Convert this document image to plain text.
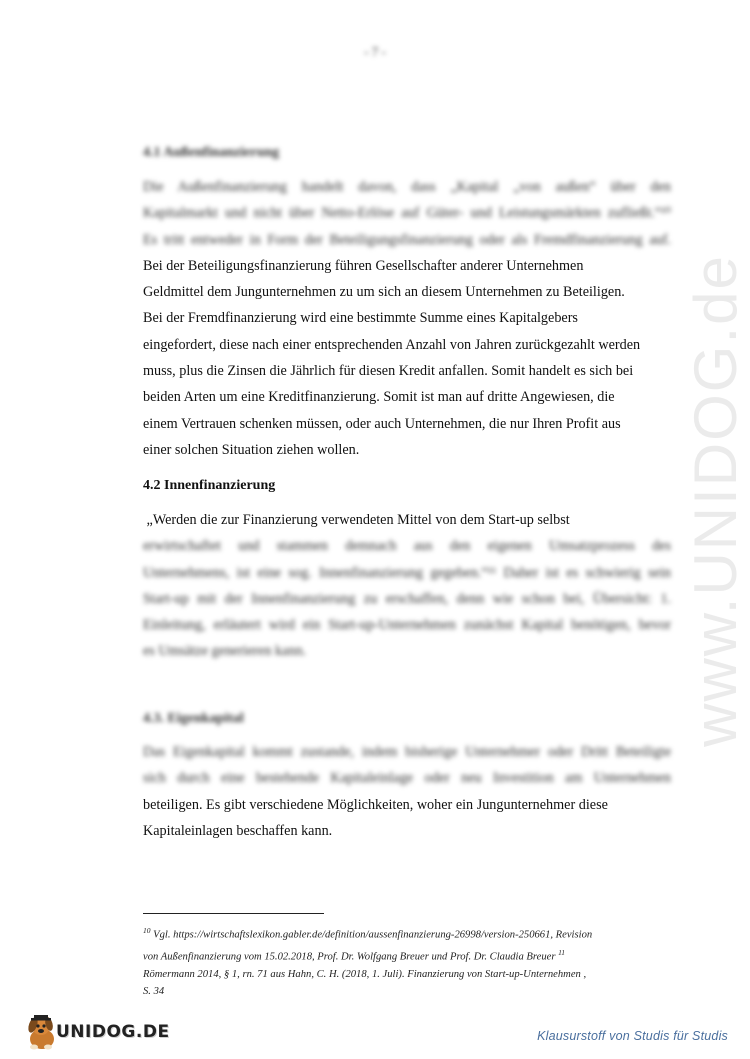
- 7 -
4.1 Außenfinanzierung
Die Außenfinanzierung handelt davon, dass „Kapital „von außen“ über den
Kapitalmarkt und nicht über Netto-Erlöse auf Güter- und Leistungsmärkten zufließt.“¹⁰
Es tritt entweder in Form der Beteiligungsfinanzierung oder als Fremdfinanzierung auf.
Bei der Beteiligungsfinanzierung führen Gesellschafter anderer Unternehmen
Geldmittel dem Jungunternehmen zu um sich an diesem Unternehmen zu Beteiligen.
Bei der Fremdfinanzierung wird eine bestimmte Summe eines Kapitalgebers
eingefordert, diese nach einer entsprechenden Anzahl von Jahren zurückgezahlt werden
muss, plus die Zinsen die Jährlich für diesen Kredit anfallen. Somit handelt es sich bei
beiden Arten um eine Kreditfinanzierung. Somit ist man auf dritte Angewiesen, die
einem Vertrauen schenken müssen, oder auch Unternehmen, die nur Ihren Profit aus
einer solchen Situation ziehen wollen.
4.2 Innenfinanzierung
„Werden die zur Finanzierung verwendeten Mittel von dem Start-up selbst
erwirtschaftet und stammen demnach aus den eigenen Umsatzprozess des
Unternehmens, ist eine sog. Innenfinanzierung gegeben.“¹¹ Daher ist es schwierig sein
Start-up mit der Innenfinanzierung zu erschaffen, denn wie schon bei, Übersicht: 1.
Einleitung, erläutert wird ein Start-up-Unternehmen zunächst Kapital benötigen, bevor
es Umsätze generieren kann.
4.3. Eigenkapital
Das Eigenkapital kommt zustande, indem bisherige Unternehmer oder Dritt Beteiligte
sich durch eine bestehende Kapitaleinlage oder neu Investition am Unternehmen
beteiligen. Es gibt verschiedene Möglichkeiten, woher ein Jungunternehmer diese
Kapitaleinlagen beschaffen kann.

$^{10}$ Vgl. https://wirtschaftslexikon.gabler.de/definition/aussenfinanzierung-26998/version-250661, Revision
von Außenfinanzierung vom 15.02.2018, Prof. Dr. Wolfgang Breuer und Prof. Dr. Claudia Breuer $^{11}$
Römermann 2014, § 1, rn. 71 aus Hahn, C. H. (2018, 1. Juli). Finanzierung von Start-up-Unternehmen ,
S. 34

www.UNIDOG.de
UNIDOG.DE	Klausurstoff von Studis für Studis
